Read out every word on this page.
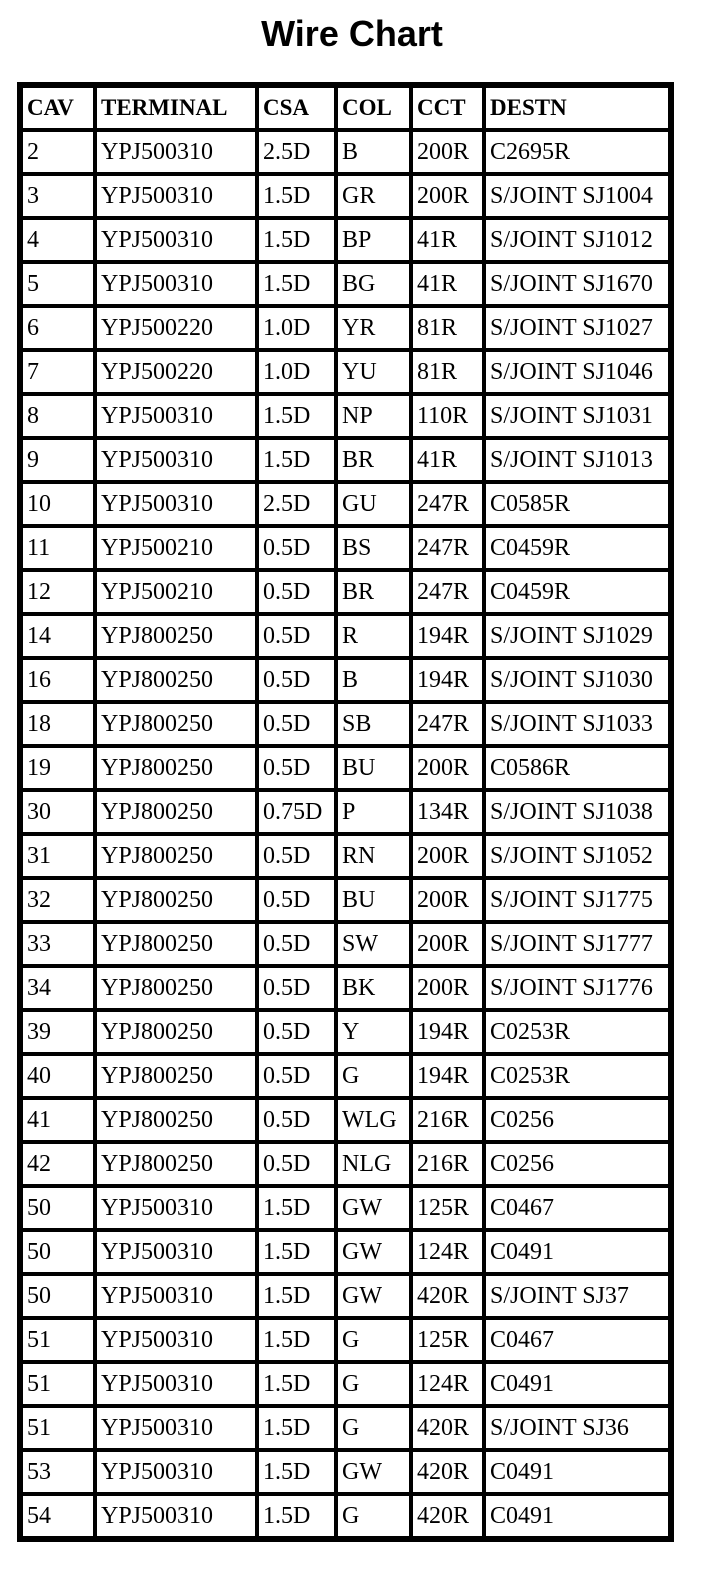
Wire Chart
CAV	TERMINAL	CSA	COL	CCT	DESTN
2	YPJ500310	2.5D	B	200R	C2695R
3	YPJ500310	1.5D	GR	200R	S/JOINT SJ1004
4	YPJ500310	1.5D	BP	41R	S/JOINT SJ1012
5	YPJ500310	1.5D	BG	41R	S/JOINT SJ1670
6	YPJ500220	1.0D	YR	81R	S/JOINT SJ1027
7	YPJ500220	1.0D	YU	81R	S/JOINT SJ1046
8	YPJ500310	1.5D	NP	110R	S/JOINT SJ1031
9	YPJ500310	1.5D	BR	41R	S/JOINT SJ1013
10	YPJ500310	2.5D	GU	247R	C0585R
11	YPJ500210	0.5D	BS	247R	C0459R
12	YPJ500210	0.5D	BR	247R	C0459R
14	YPJ800250	0.5D	R	194R	S/JOINT SJ1029
16	YPJ800250	0.5D	B	194R	S/JOINT SJ1030
18	YPJ800250	0.5D	SB	247R	S/JOINT SJ1033
19	YPJ800250	0.5D	BU	200R	C0586R
30	YPJ800250	0.75D	P	134R	S/JOINT SJ1038
31	YPJ800250	0.5D	RN	200R	S/JOINT SJ1052
32	YPJ800250	0.5D	BU	200R	S/JOINT SJ1775
33	YPJ800250	0.5D	SW	200R	S/JOINT SJ1777
34	YPJ800250	0.5D	BK	200R	S/JOINT SJ1776
39	YPJ800250	0.5D	Y	194R	C0253R
40	YPJ800250	0.5D	G	194R	C0253R
41	YPJ800250	0.5D	WLG	216R	C0256
42	YPJ800250	0.5D	NLG	216R	C0256
50	YPJ500310	1.5D	GW	125R	C0467
50	YPJ500310	1.5D	GW	124R	C0491
50	YPJ500310	1.5D	GW	420R	S/JOINT SJ37
51	YPJ500310	1.5D	G	125R	C0467
51	YPJ500310	1.5D	G	124R	C0491
51	YPJ500310	1.5D	G	420R	S/JOINT SJ36
53	YPJ500310	1.5D	GW	420R	C0491
54	YPJ500310	1.5D	G	420R	C0491
